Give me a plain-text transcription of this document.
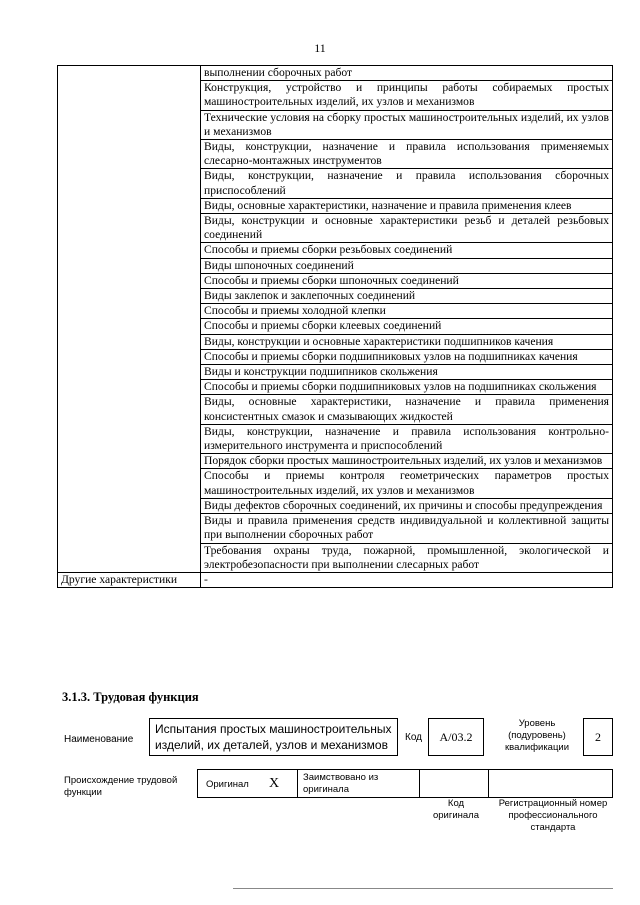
11
	выполнении сборочных работ
	Конструкция, устройство и принципы работы собираемых простых машиностроительных изделий, их узлов и механизмов
	Технические условия на сборку простых машиностроительных изделий, их узлов и механизмов
	Виды, конструкции, назначение и правила использования применяемых слесарно-монтажных инструментов
	Виды, конструкции, назначение и правила использования сборочных приспособлений
	Виды, основные характеристики, назначение и правила применения клеев
	Виды, конструкции и основные характеристики резьб и деталей резьбовых соединений
	Способы и приемы сборки резьбовых соединений
	Виды шпоночных соединений
	Способы и приемы сборки шпоночных соединений
	Виды заклепок и заклепочных соединений
	Способы и приемы холодной клепки
	Способы и приемы сборки клеевых соединений
	Виды, конструкции и основные характеристики подшипников качения
	Способы и приемы сборки подшипниковых узлов на подшипниках качения
	Виды и конструкции подшипников скольжения
	Способы и приемы сборки подшипниковых узлов на подшипниках скольжения
	Виды, основные характеристики, назначение и правила применения консистентных смазок и смазывающих жидкостей
	Виды, конструкции, назначение и правила использования контрольно-измерительного инструмента и приспособлений
	Порядок сборки простых машиностроительных изделий, их узлов и механизмов
	Способы и приемы контроля геометрических параметров простых машиностроительных изделий, их узлов и механизмов
	Виды дефектов сборочных соединений, их причины и способы предупреждения
	Виды и правила применения средств индивидуальной и коллективной защиты при выполнении сборочных работ
	Требования охраны труда, пожарной, промышленной, экологической и электробезопасности при выполнении слесарных работ
Другие характеристики	-
3.1.3. Трудовая функция
Наименование
Испытания простых машиностроительных изделий, их деталей, узлов и механизмов
Код	A/03.2
Уровень (подуровень) квалификации
2
Происхождение трудовой функции
Оригинал X	Заимствовано из оригинала
Код оригинала
Регистрационный номер профессионального стандарта
